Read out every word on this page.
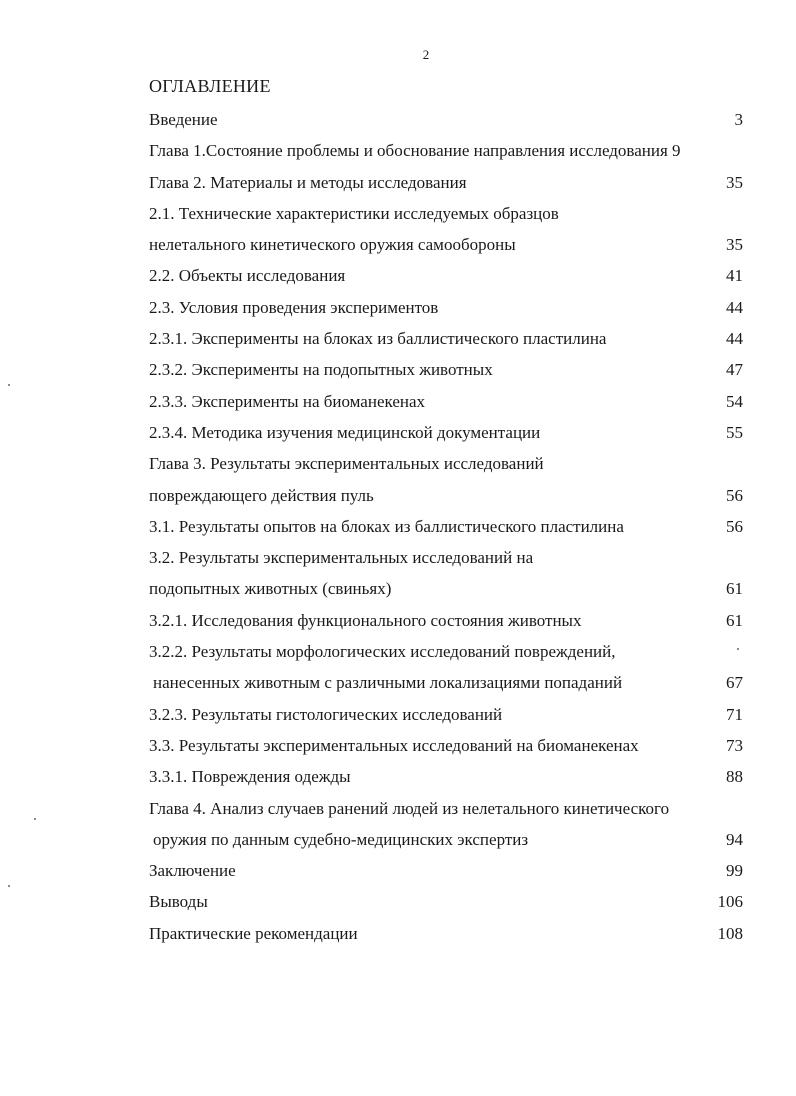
2
ОГЛАВЛЕНИЕ
Введение	3
Глава 1.Состояние проблемы и обоснование направления исследования 9
Глава 2. Материалы и методы исследования	35
2.1. Технические характеристики исследуемых образцов
нелетального кинетического оружия самообороны	35
2.2. Объекты исследования	41
2.3. Условия проведения экспериментов	44
2.3.1. Эксперименты на блоках из баллистического пластилина	44
2.3.2. Эксперименты на подопытных животных	47
2.3.3. Эксперименты на биоманекенах	54
2.3.4. Методика изучения медицинской документации	55
Глава 3. Результаты экспериментальных исследований
повреждающего действия пуль	56
3.1. Результаты опытов на блоках из баллистического пластилина	56
3.2. Результаты экспериментальных исследований на
подопытных животных (свиньях)	61
3.2.1. Исследования функционального состояния животных	61
3.2.2. Результаты морфологических исследований повреждений,
нанесенных животным с различными локализациями попаданий	67
3.2.3. Результаты гистологических исследований	71
3.3. Результаты экспериментальных исследований на биоманекенах	73
3.3.1. Повреждения одежды	88
Глава 4. Анализ случаев ранений людей из нелетального кинетического
оружия по данным судебно-медицинских экспертиз	94
Заключение	99
Выводы	106
Практические рекомендации	108
